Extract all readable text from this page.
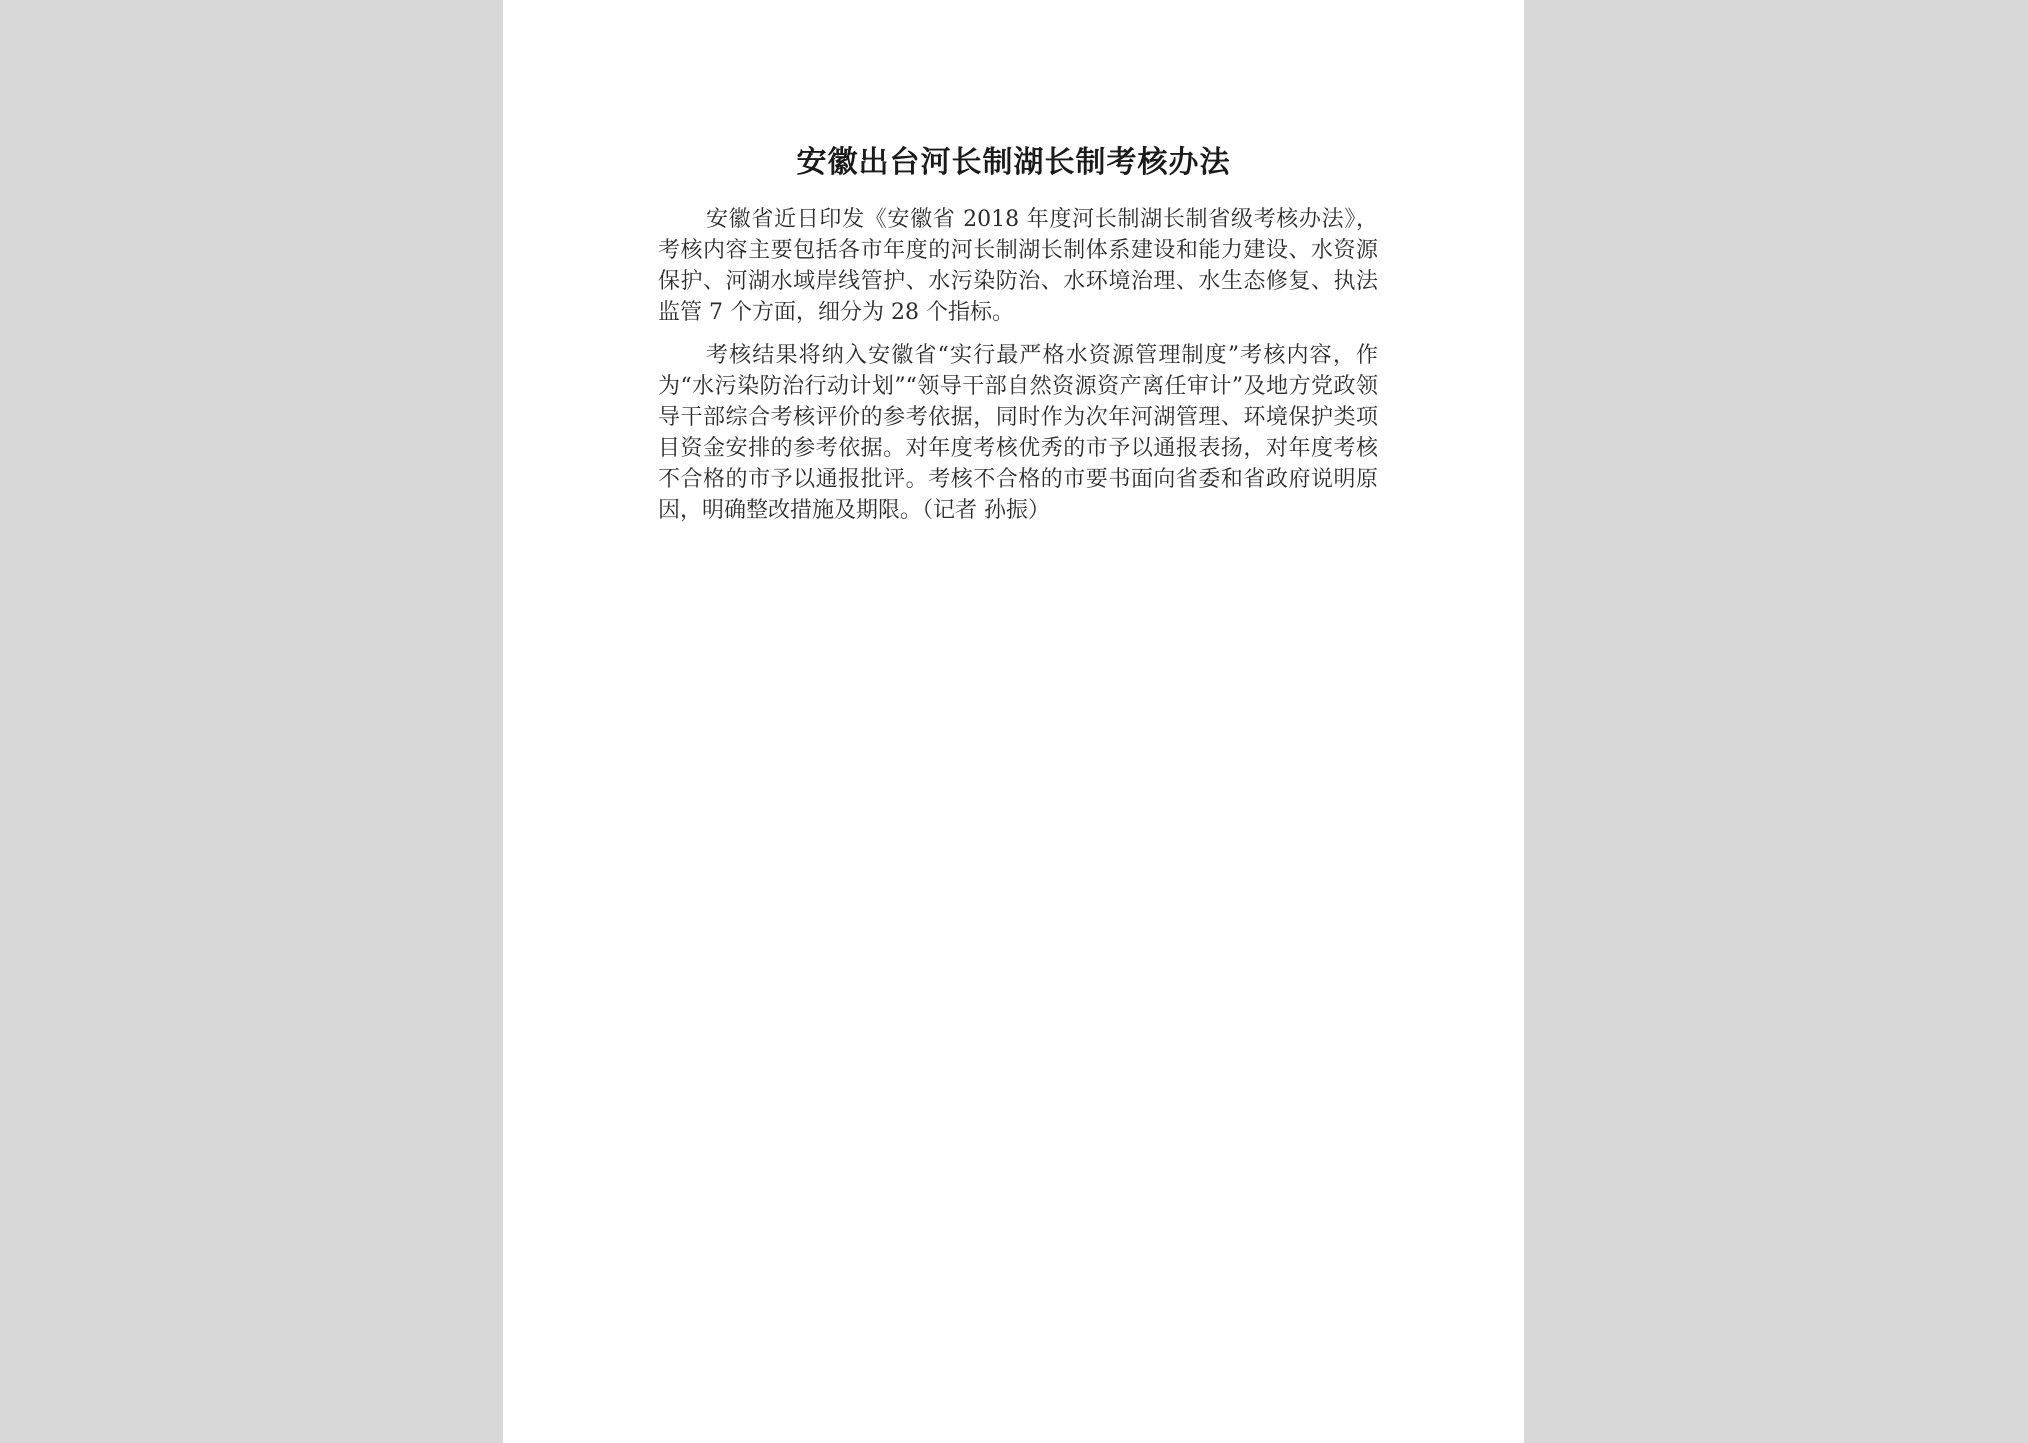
安徽出台河长制湖长制考核办法

安徽省近日印发《安徽省 2018 年度河长制湖长制省级考核办法》，考核内容主要包括各市年度的河长制湖长制体系建设和能力建设、水资源保护、河湖水域岸线管护、水污染防治、水环境治理、水生态修复、执法监管 7 个方面，细分为 28 个指标。

考核结果将纳入安徽省“实行最严格水资源管理制度”考核内容，作为“水污染防治行动计划”“领导干部自然资源资产离任审计”及地方党政领导干部综合考核评价的参考依据，同时作为次年河湖管理、环境保护类项目资金安排的参考依据。对年度考核优秀的市予以通报表扬，对年度考核不合格的市予以通报批评。考核不合格的市要书面向省委和省政府说明原因，明确整改措施及期限。（记者 孙振）
